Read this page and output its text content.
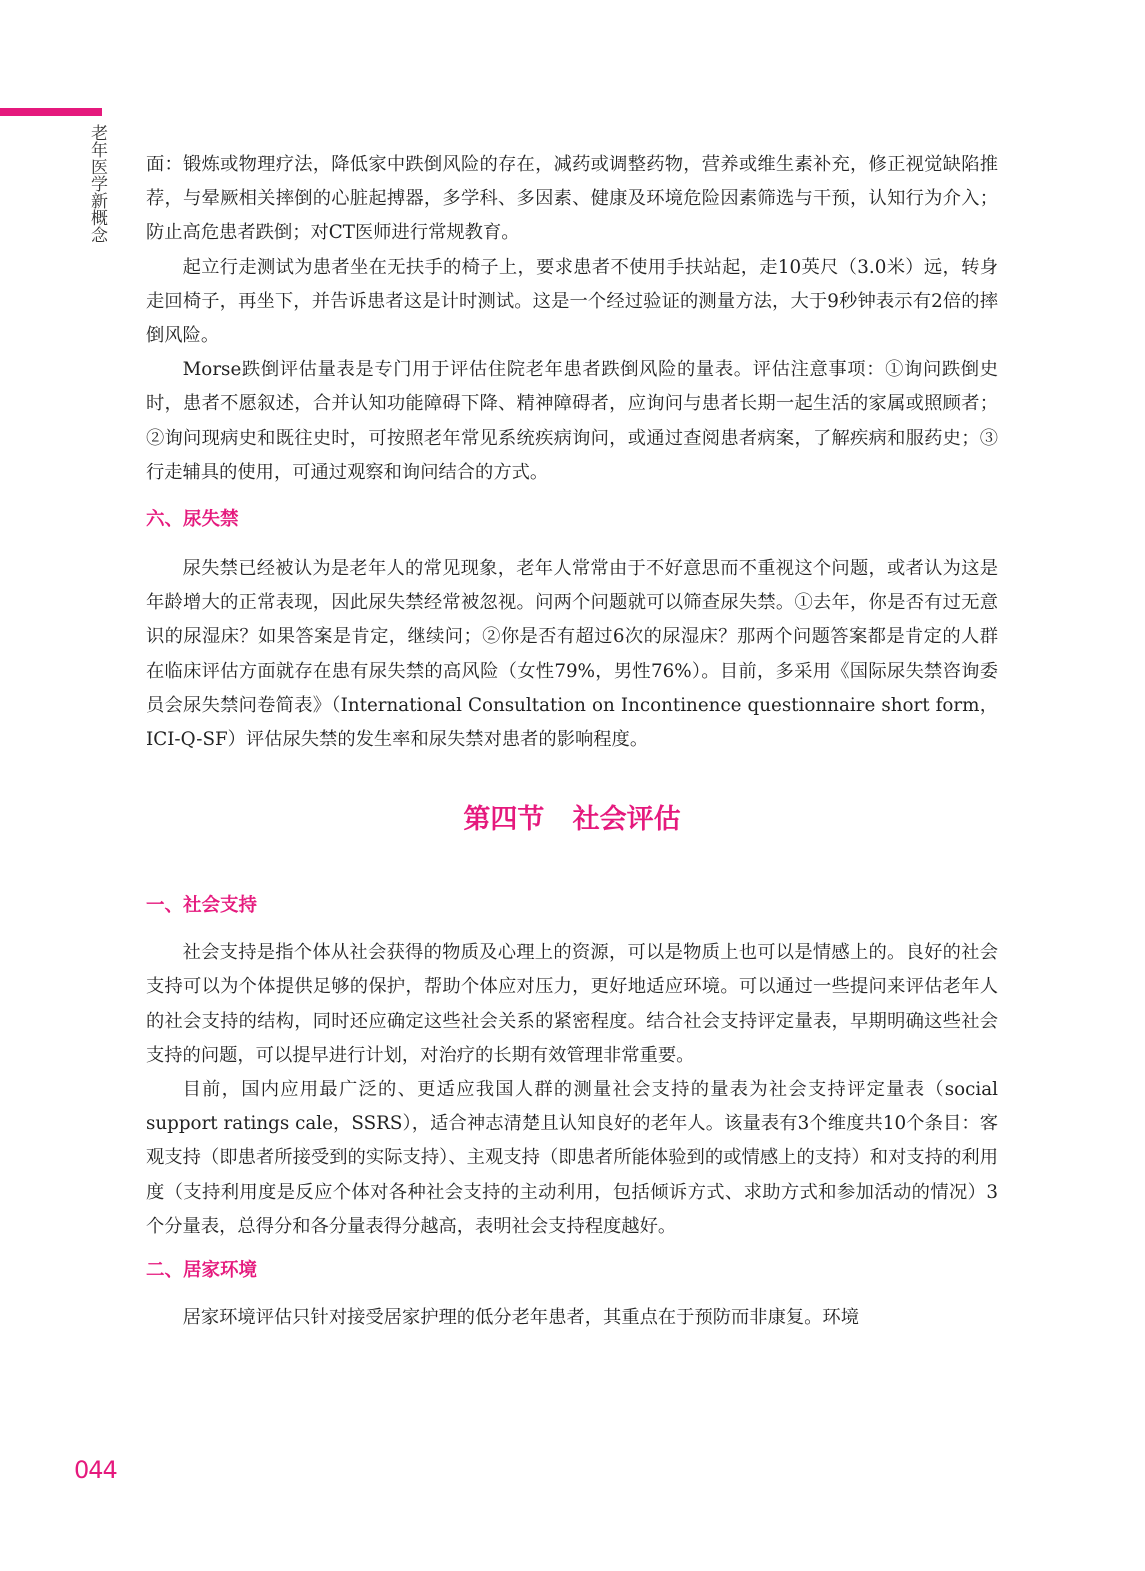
老年医学新概念 面：锻炼或物理疗法，降低家中跌倒风险的存在，减药或调整药物，营养或维生素补充，修正视觉缺陷推荐，与晕厥相关摔倒的心脏起搏器，多学科、多因素、健康及环境危险因素筛选与干预，认知行为介入；防止高危患者跌倒；对CT医师进行常规教育。

起立行走测试为患者坐在无扶手的椅子上，要求患者不使用手扶站起，走10英尺（3.0米）远，转身走回椅子，再坐下，并告诉患者这是计时测试。这是一个经过验证的测量方法，大于9秒钟表示有2倍的摔倒风险。

Morse跌倒评估量表是专门用于评估住院老年患者跌倒风险的量表。评估注意事项：①询问跌倒史时，患者不愿叙述，合并认知功能障碍下降、精神障碍者，应询问与患者长期一起生活的家属或照顾者；②询问现病史和既往史时，可按照老年常见系统疾病询问，或通过查阅患者病案，了解疾病和服药史；③行走辅具的使用，可通过观察和询问结合的方式。

六、尿失禁

尿失禁已经被认为是老年人的常见现象，老年人常常由于不好意思而不重视这个问题，或者认为这是年龄增大的正常表现，因此尿失禁经常被忽视。问两个问题就可以筛查尿失禁。①去年，你是否有过无意识的尿湿床？如果答案是肯定，继续问；②你是否有超过6次的尿湿床？那两个问题答案都是肯定的人群在临床评估方面就存在患有尿失禁的高风险（女性79%，男性76%）。目前，多采用《国际尿失禁咨询委员会尿失禁问卷简表》（International Consultation on Incontinence questionnaire short form，ICI-Q-SF）评估尿失禁的发生率和尿失禁对患者的影响程度。

第四节   社会评估
一、社会支持

社会支持是指个体从社会获得的物质及心理上的资源，可以是物质上也可以是情感上的。良好的社会支持可以为个体提供足够的保护，帮助个体应对压力，更好地适应环境。可以通过一些提问来评估老年人的社会支持的结构，同时还应确定这些社会关系的紧密程度。结合社会支持评定量表，早期明确这些社会支持的问题，可以提早进行计划，对治疗的长期有效管理非常重要。

目前，国内应用最广泛的、更适应我国人群的测量社会支持的量表为社会支持评定量表（social support ratings cale，SSRS），适合神志清楚且认知良好的老年人。该量表有3个维度共10个条目：客观支持（即患者所接受到的实际支持）、主观支持（即患者所能体验到的或情感上的支持）和对支持的利用度（支持利用度是反应个体对各种社会支持的主动利用，包括倾诉方式、求助方式和参加活动的情况）3个分量表，总得分和各分量表得分越高，表明社会支持程度越好。

二、居家环境

居家环境评估只针对接受居家护理的低分老年患者，其重点在于预防而非康复。环境

044
